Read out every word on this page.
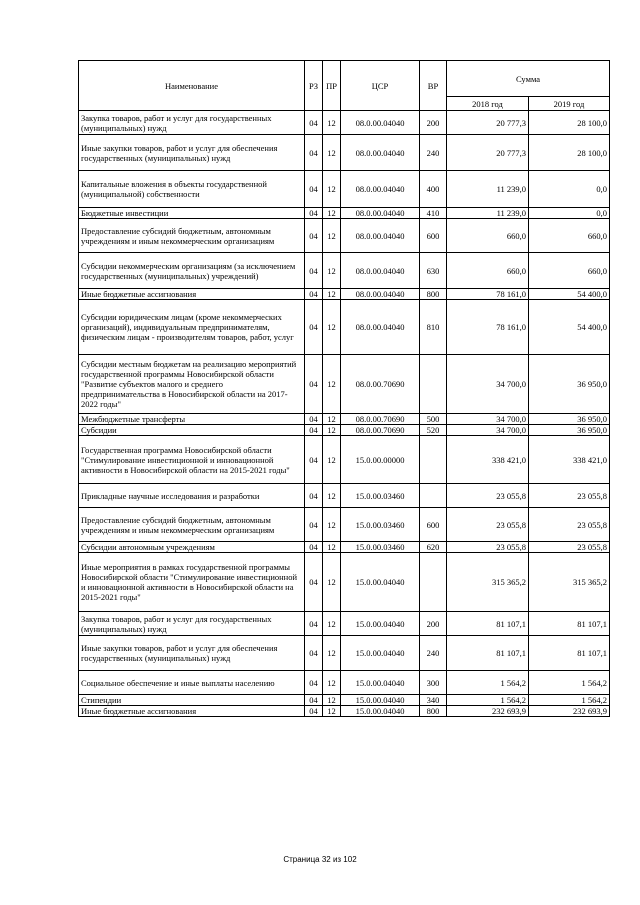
Наименование	РЗ	ПР	ЦСР	ВР	Сумма	
					2018 год	2019 год
Закупка товаров, работ и услуг для государственных (муниципальных) нужд	04	12	08.0.00.04040	200	20 777,3	28 100,0
Иные закупки товаров, работ и услуг для обеспечения государственных (муниципальных) нужд	04	12	08.0.00.04040	240	20 777,3	28 100,0
Капитальные вложения в объекты государственной (муниципальной) собственности	04	12	08.0.00.04040	400	11 239,0	0,0
Бюджетные инвестиции	04	12	08.0.00.04040	410	11 239,0	0,0
Предоставление субсидий бюджетным, автономным учреждениям и иным некоммерческим организациям	04	12	08.0.00.04040	600	660,0	660,0
Субсидии некоммерческим организациям (за исключением государственных (муниципальных) учреждений)	04	12	08.0.00.04040	630	660,0	660,0
Иные бюджетные ассигнования	04	12	08.0.00.04040	800	78 161,0	54 400,0
Субсидии юридическим лицам (кроме некоммерческих организаций), индивидуальным предпринимателям, физическим лицам - производителям товаров, работ, услуг	04	12	08.0.00.04040	810	78 161,0	54 400,0
Субсидии местным бюджетам на реализацию мероприятий государственной программы Новосибирской области "Развитие субъектов малого и среднего предпринимательства в Новосибирской области на 2017-2022 годы"	04	12	08.0.00.70690		34 700,0	36 950,0
Межбюджетные трансферты	04	12	08.0.00.70690	500	34 700,0	36 950,0
Субсидии	04	12	08.0.00.70690	520	34 700,0	36 950,0
Государственная программа Новосибирской области "Стимулирование инвестиционной и инновационной активности в Новосибирской области на 2015-2021 годы"	04	12	15.0.00.00000		338 421,0	338 421,0
Прикладные научные исследования и разработки	04	12	15.0.00.03460		23 055,8	23 055,8
Предоставление субсидий бюджетным, автономным учреждениям и иным некоммерческим организациям	04	12	15.0.00.03460	600	23 055,8	23 055,8
Субсидии автономным учреждениям	04	12	15.0.00.03460	620	23 055,8	23 055,8
Иные мероприятия в рамках государственной программы Новосибирской области "Стимулирование инвестиционной и инновационной активности в Новосибирской области на 2015-2021 годы"	04	12	15.0.00.04040		315 365,2	315 365,2
Закупка товаров, работ и услуг для государственных (муниципальных) нужд	04	12	15.0.00.04040	200	81 107,1	81 107,1
Иные закупки товаров, работ и услуг для обеспечения государственных (муниципальных) нужд	04	12	15.0.00.04040	240	81 107,1	81 107,1
Социальное обеспечение и иные выплаты населению	04	12	15.0.00.04040	300	1 564,2	1 564,2
Стипендии	04	12	15.0.00.04040	340	1 564,2	1 564,2
Иные бюджетные ассигнования	04	12	15.0.00.04040	800	232 693,9	232 693,9
Страница 32 из 102
